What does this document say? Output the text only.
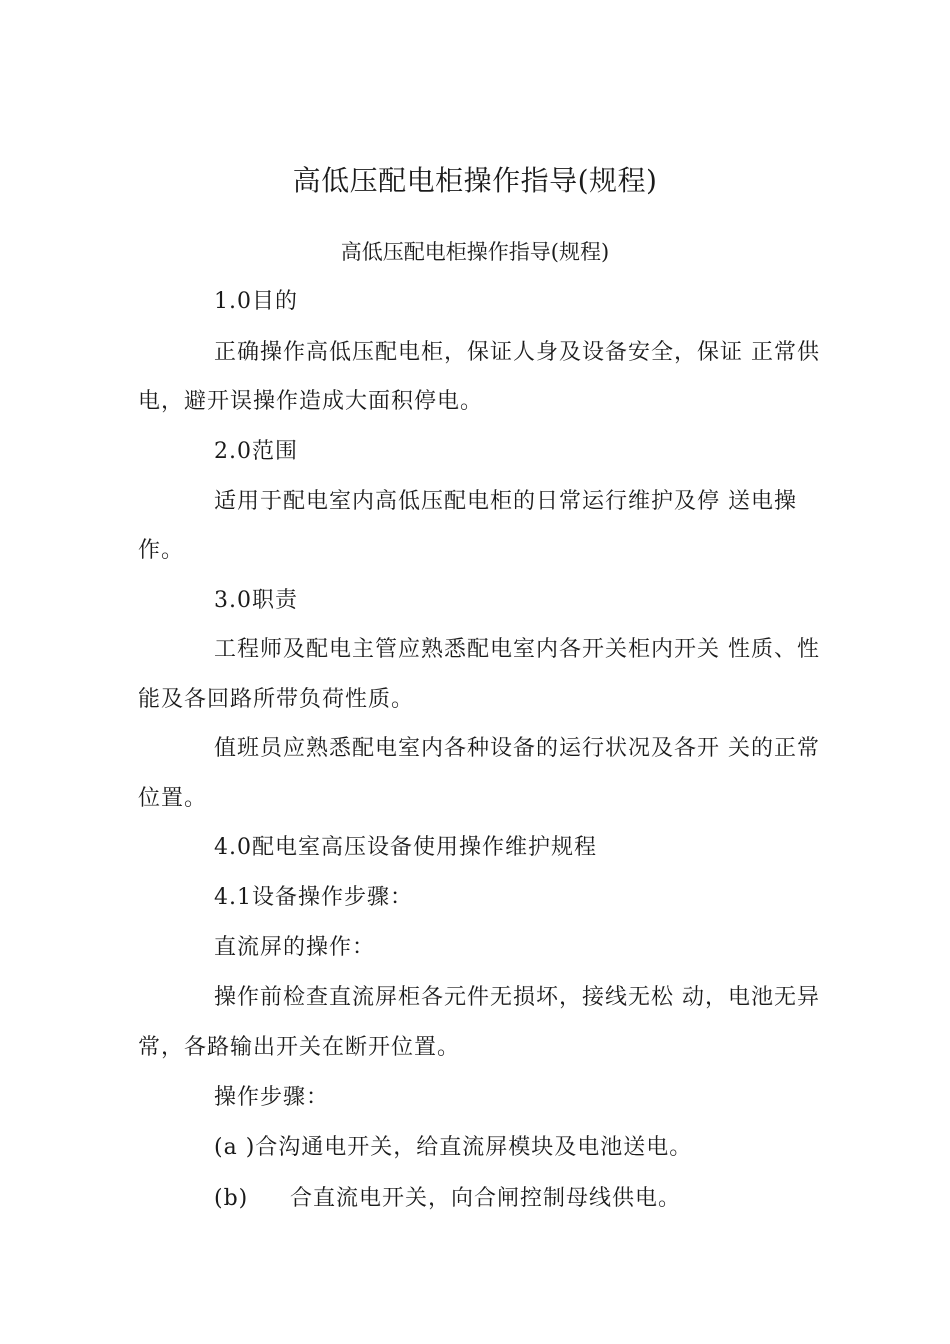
高低压配电柜操作指导(规程)
高低压配电柜操作指导(规程)

1.0目的

正确操作高低压配电柜，保证人身及设备安全，保证 正常供

电，避开误操作造成大面积停电。

2.0范围

适用于配电室内高低压配电柜的日常运行维护及停 送电操

作。

3.0职责

工程师及配电主管应熟悉配电室内各开关柜内开关 性质、性

能及各回路所带负荷性质。

值班员应熟悉配电室内各种设备的运行状况及各开 关的正常

位置。

4.0配电室高压设备使用操作维护规程

4.1设备操作步骤：

直流屏的操作：

操作前检查直流屏柜各元件无损坏，接线无松 动，电池无异

常，各路输出开关在断开位置。

操作步骤：

(a )合沟通电开关，给直流屏模块及电池送电。

(b) 合直流电开关，向合闸控制母线供电。
